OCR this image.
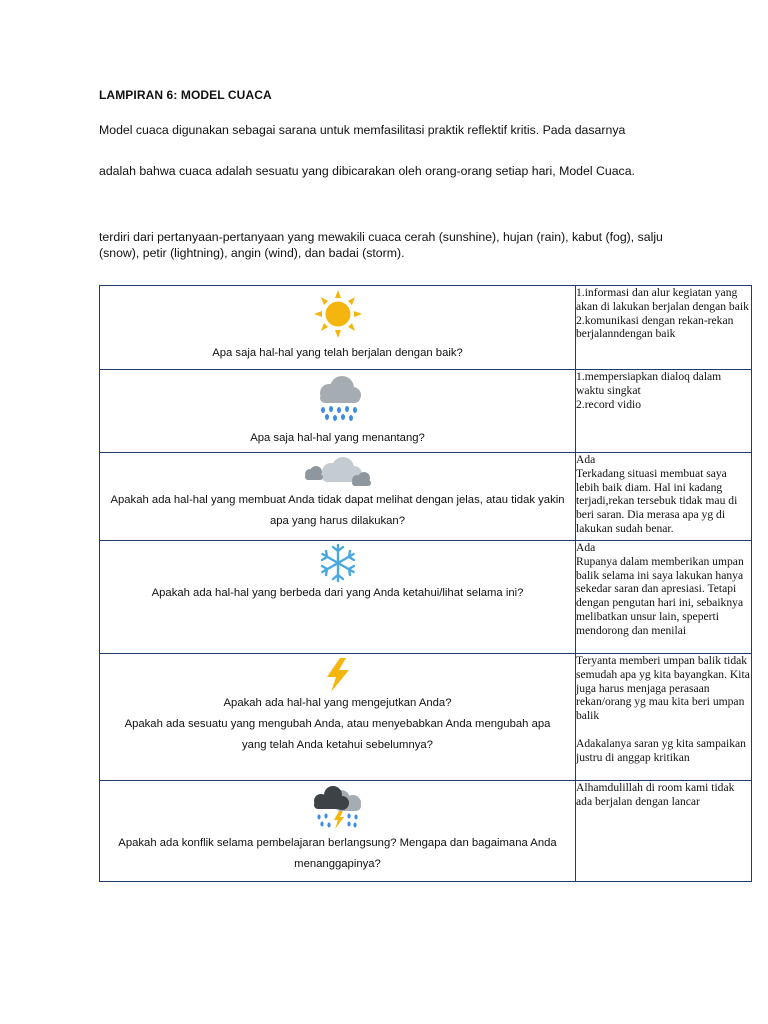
LAMPIRAN 6: MODEL CUACA
Model cuaca digunakan sebagai sarana untuk memfasilitasi praktik reflektif kritis. Pada dasarnya
adalah bahwa cuaca adalah sesuatu yang dibicarakan oleh orang-orang setiap hari, Model Cuaca.
terdiri dari pertanyaan-pertanyaan yang mewakili cuaca cerah (sunshine), hujan (rain), kabut (fog), salju (snow), petir (lightning), angin (wind), dan badai (storm).
Apa saja hal-hal yang telah berjalan dengan baik?	1.informasi dan alur kegiatan yang akan di lakukan berjalan dengan baik
2.komunikasi dengan rekan-rekan berjalanndengan baik

Apa saja hal-hal yang menantang?	1.mempersiapkan dialoq dalam waktu singkat
2.record vidio

Apakah ada hal-hal yang membuat Anda tidak dapat melihat dengan jelas, atau tidak yakin apa yang harus dilakukan?	Ada
Terkadang situasi membuat saya lebih baik diam. Hal ini kadang terjadi,rekan tersebuk tidak mau di beri saran. Dia merasa apa yg di lakukan sudah benar.

Apakah ada hal-hal yang berbeda dari yang Anda ketahui/lihat selama ini?	Ada
Rupanya dalam memberikan umpan balik selama ini saya lakukan hanya sekedar saran dan apresiasi. Tetapi dengan pengutan hari ini, sebaiknya melibatkan unsur lain, speperti mendorong dan menilai

Apakah ada hal-hal yang mengejutkan Anda?
Apakah ada sesuatu yang mengubah Anda, atau menyebabkan Anda mengubah apa yang telah Anda ketahui sebelumnya?	Teryanta memberi umpan balik tidak semudah apa yg kita bayangkan. Kita juga harus menjaga perasaan rekan/orang yg mau kita beri umpan balik
Adakalanya saran yg kita sampaikan justru di anggap kritikan

Apakah ada konflik selama pembelajaran berlangsung? Mengapa dan bagaimana Anda menanggapinya?	Alhamdulillah di room kami tidak ada berjalan dengan lancar
